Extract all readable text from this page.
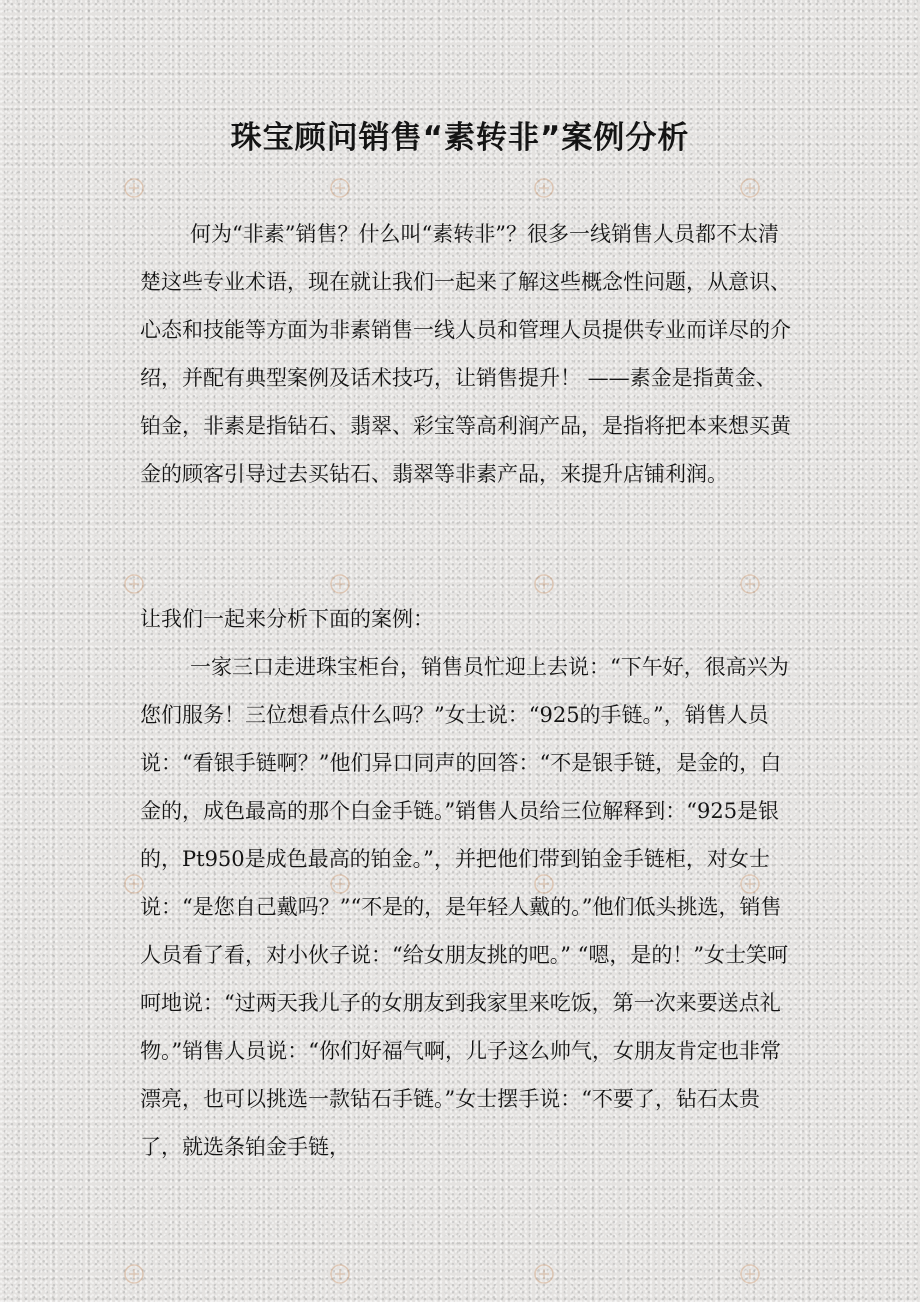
珠宝顾问销售“素转非”案例分析

何为“非素”销售？什么叫“素转非”？很多一线销售人员都不太清楚这些专业术语，现在就让我们一起来了解这些概念性问题，从意识、心态和技能等方面为非素销售一线人员和管理人员提供专业而详尽的介绍，并配有典型案例及话术技巧，让销售提升！ ——素金是指黄金、铂金，非素是指钻石、翡翠、彩宝等高利润产品，是指将把本来想买黄金的顾客引导过去买钻石、翡翠等非素产品，来提升店铺利润。

让我们一起来分析下面的案例：

一家三口走进珠宝柜台，销售员忙迎上去说：“下午好，很高兴为您们服务！三位想看点什么吗？”女士说：“925的手链。”，销售人员说：“看银手链啊？”他们异口同声的回答：“不是银手链，是金的，白金的，成色最高的那个白金手链。”销售人员给三位解释到：“925是银的，Pt950是成色最高的铂金。”，并把他们带到铂金手链柜，对女士说：“是您自己戴吗？”“不是的，是年轻人戴的。”他们低头挑选，销售人员看了看，对小伙子说：“给女朋友挑的吧。” “嗯，是的！”女士笑呵呵地说：“过两天我儿子的女朋友到我家里来吃饭，第一次来要送点礼物。”销售人员说：“你们好福气啊，儿子这么帅气，女朋友肯定也非常漂亮，也可以挑选一款钻石手链。”女士摆手说：“不要了，钻石太贵了，就选条铂金手链，
